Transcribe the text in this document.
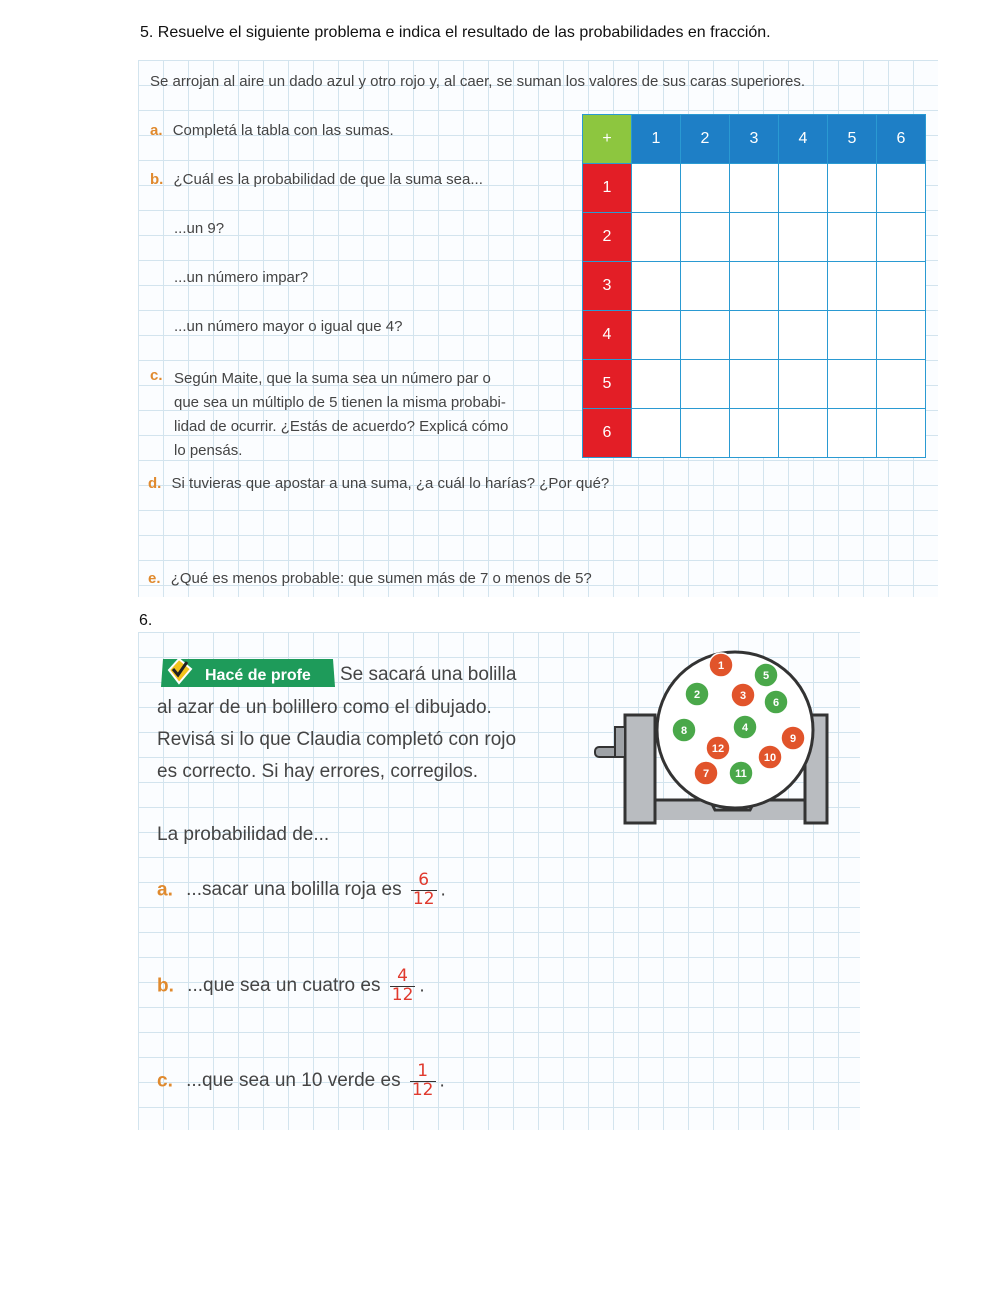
5. Resuelve el siguiente problema e indica el resultado de las probabilidades en fracción.
Se arrojan al aire un dado azul y otro rojo y, al caer, se suman los valores de sus caras superiores.
a. Completá la tabla con las sumas.
b. ¿Cuál es la probabilidad de que la suma sea...
...un 9?
...un número impar?
...un número mayor o igual que 4?
c. Según Maite, que la suma sea un número par o
que sea un múltiplo de 5 tienen la misma probabi-
lidad de ocurrir. ¿Estás de acuerdo? Explicá cómo
lo pensás.
d. Si tuvieras que apostar a una suma, ¿a cuál lo harías? ¿Por qué?
e. ¿Qué es menos probable: que sumen más de 7 o menos de 5?
+	1	2	3	4	5	6
1						
2						
3						
4						
5						
6						
6.
Hacé de profe Se sacará una bolilla
al azar de un bolillero como el dibujado.
Revisá si lo que Claudia completó con rojo
es correcto. Si hay errores, corregilos.
La probabilidad de...
a. ...sacar una bolilla roja es $\frac{6}{12}$ .
b. ...que sea un cuatro es $\frac{4}{12}$ .
c. ...que sea un 10 verde es $\frac{1}{12}$ .
1
5
2	3
6
8	4
9
12
10
7 11
